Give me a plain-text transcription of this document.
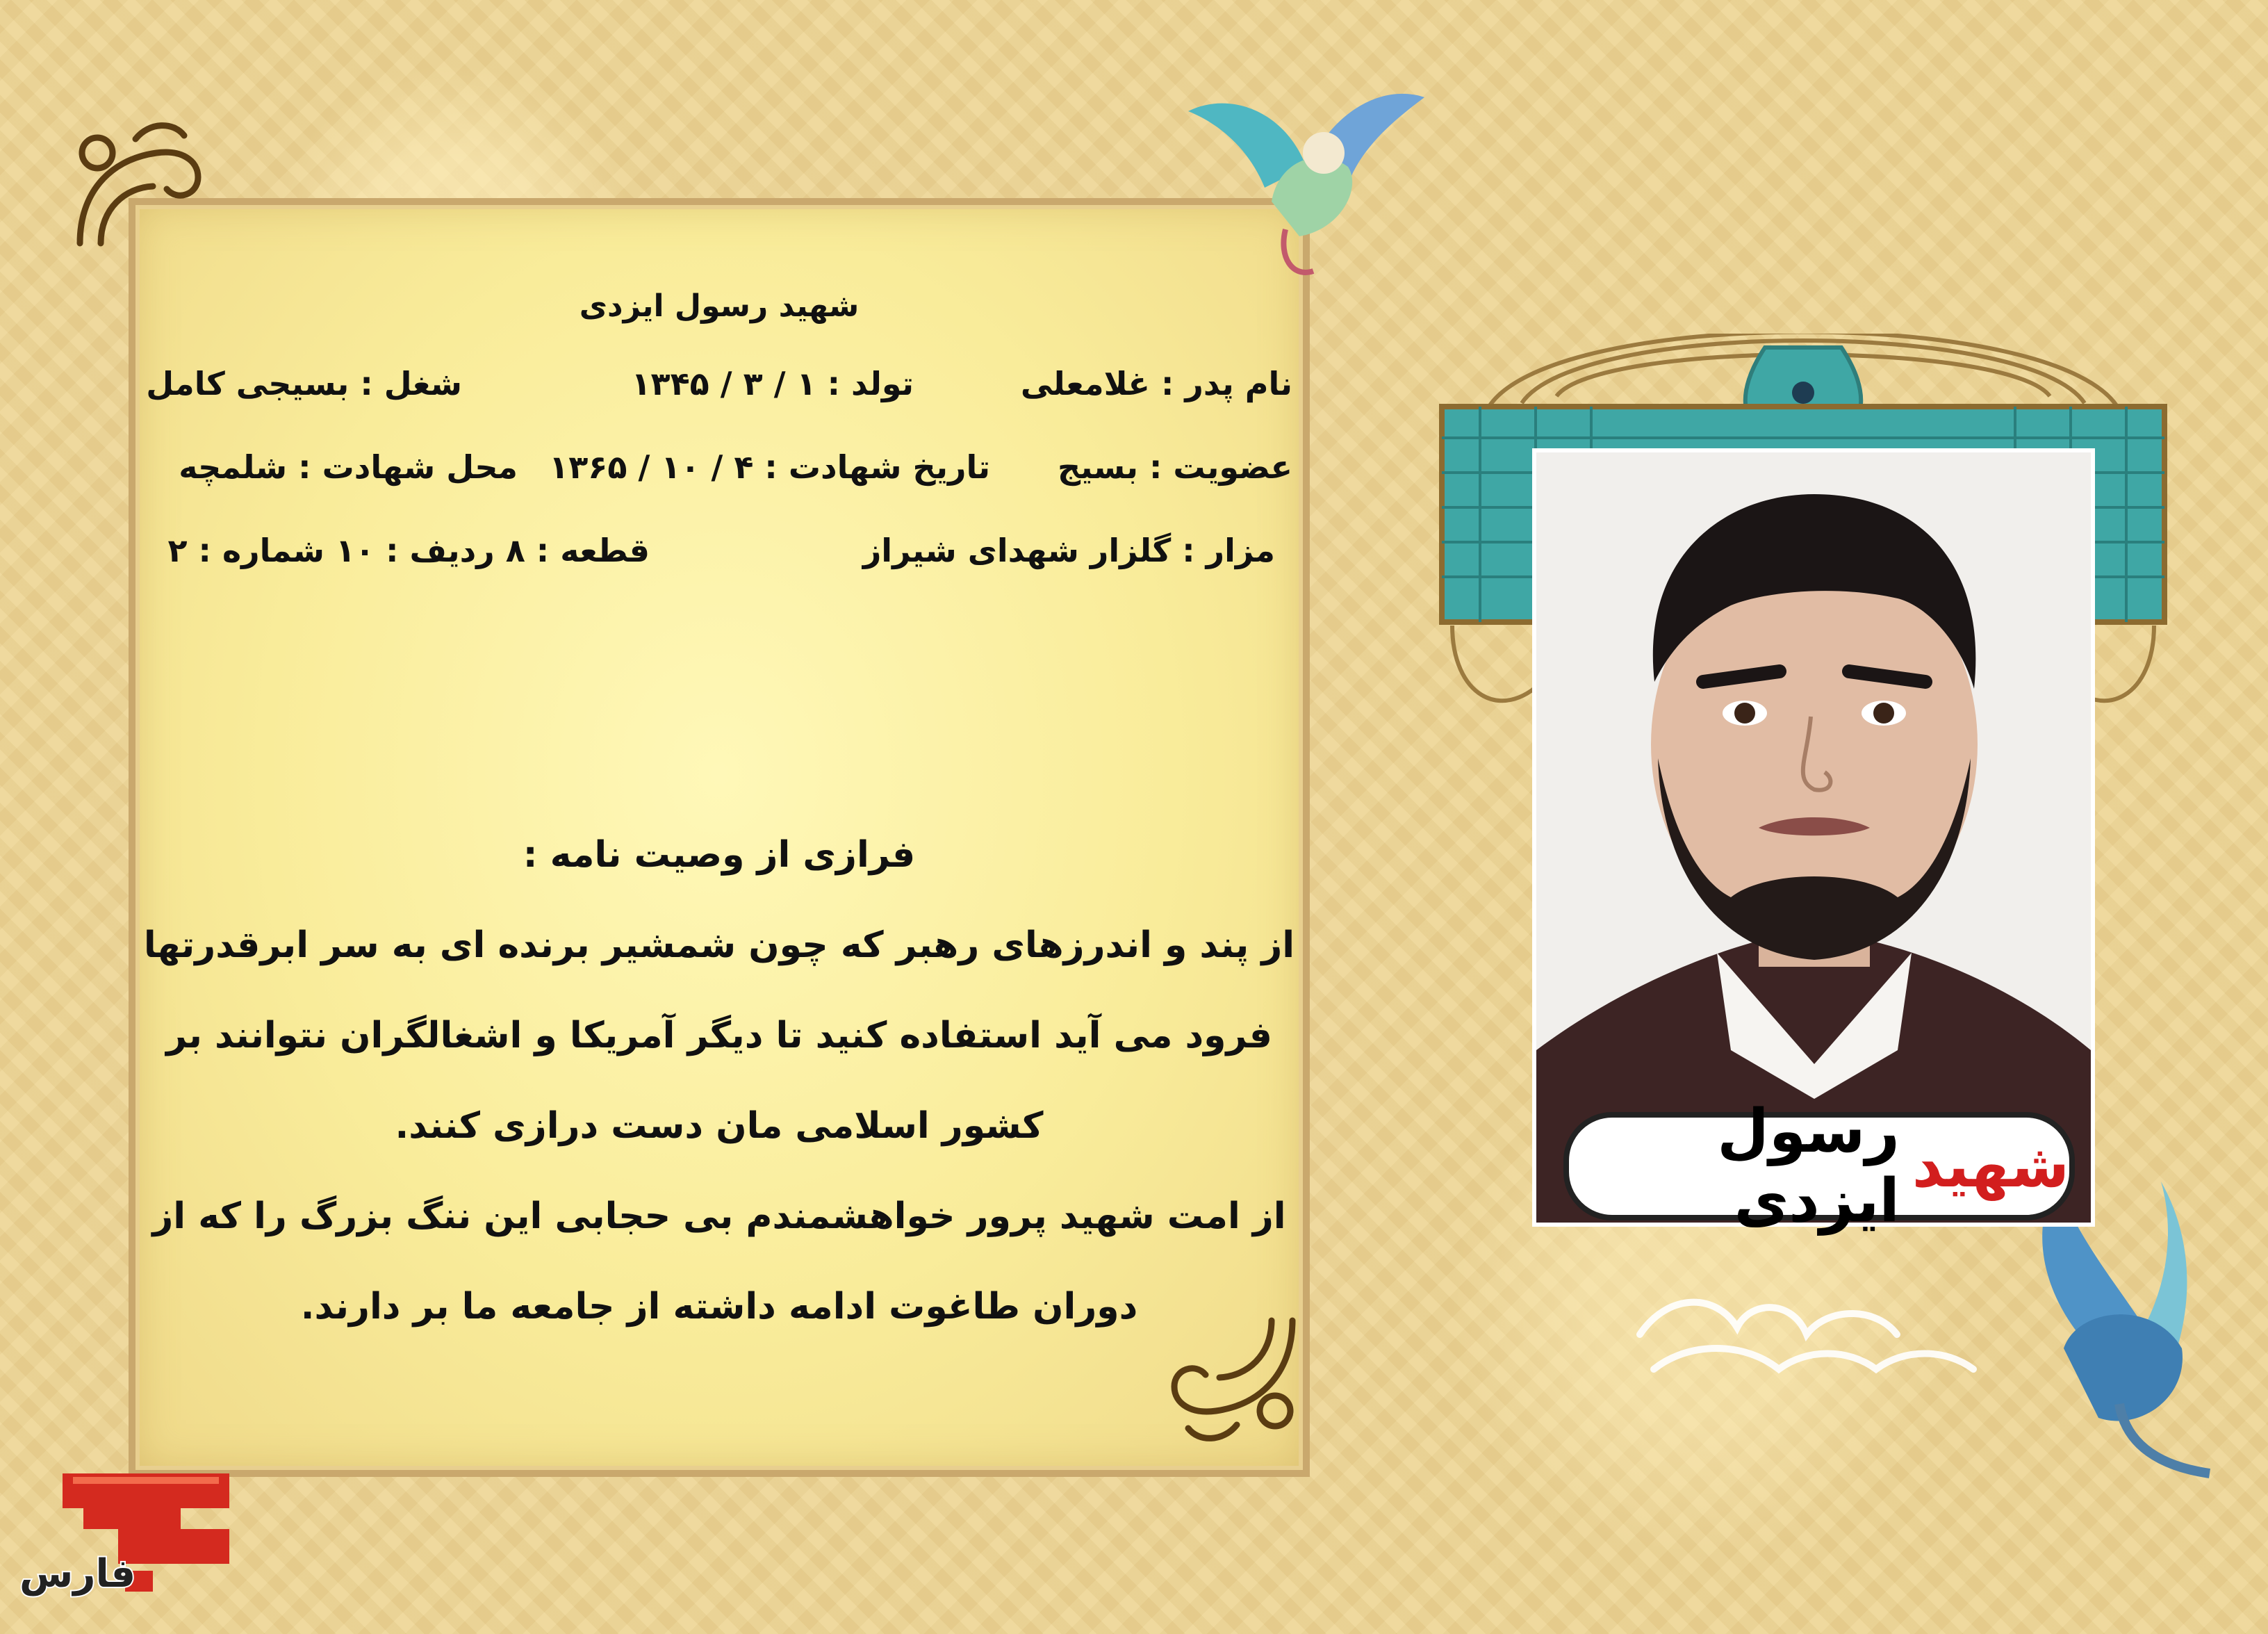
شهید رسول ایزدی
نام پدر : غلامعلی
تولد : ۱ / ۳ / ۱۳۴۵
شغل : بسیجی کامل
عضویت : بسیج
تاریخ شهادت : ۴ / ۱۰ / ۱۳۶۵
محل شهادت : شلمچه
مزار : گلزار شهدای شیراز
قطعه : ۸ ردیف : ۱۰ شماره : ۲
فرازی از وصیت نامه :
از پند و اندرزهای رهبر که چون شمشیر برنده ای به سر ابرقدرتها
فرود می آید استفاده کنید تا دیگر آمریکا و اشغالگران نتوانند بر
کشور اسلامی مان دست درازی کنند.
از امت شهید پرور خواهشمندم بی حجابی این ننگ بزرگ را که از
دوران طاغوت ادامه داشته از جامعه ما بر دارند.
شهید
رسول ایزدی
فارس
